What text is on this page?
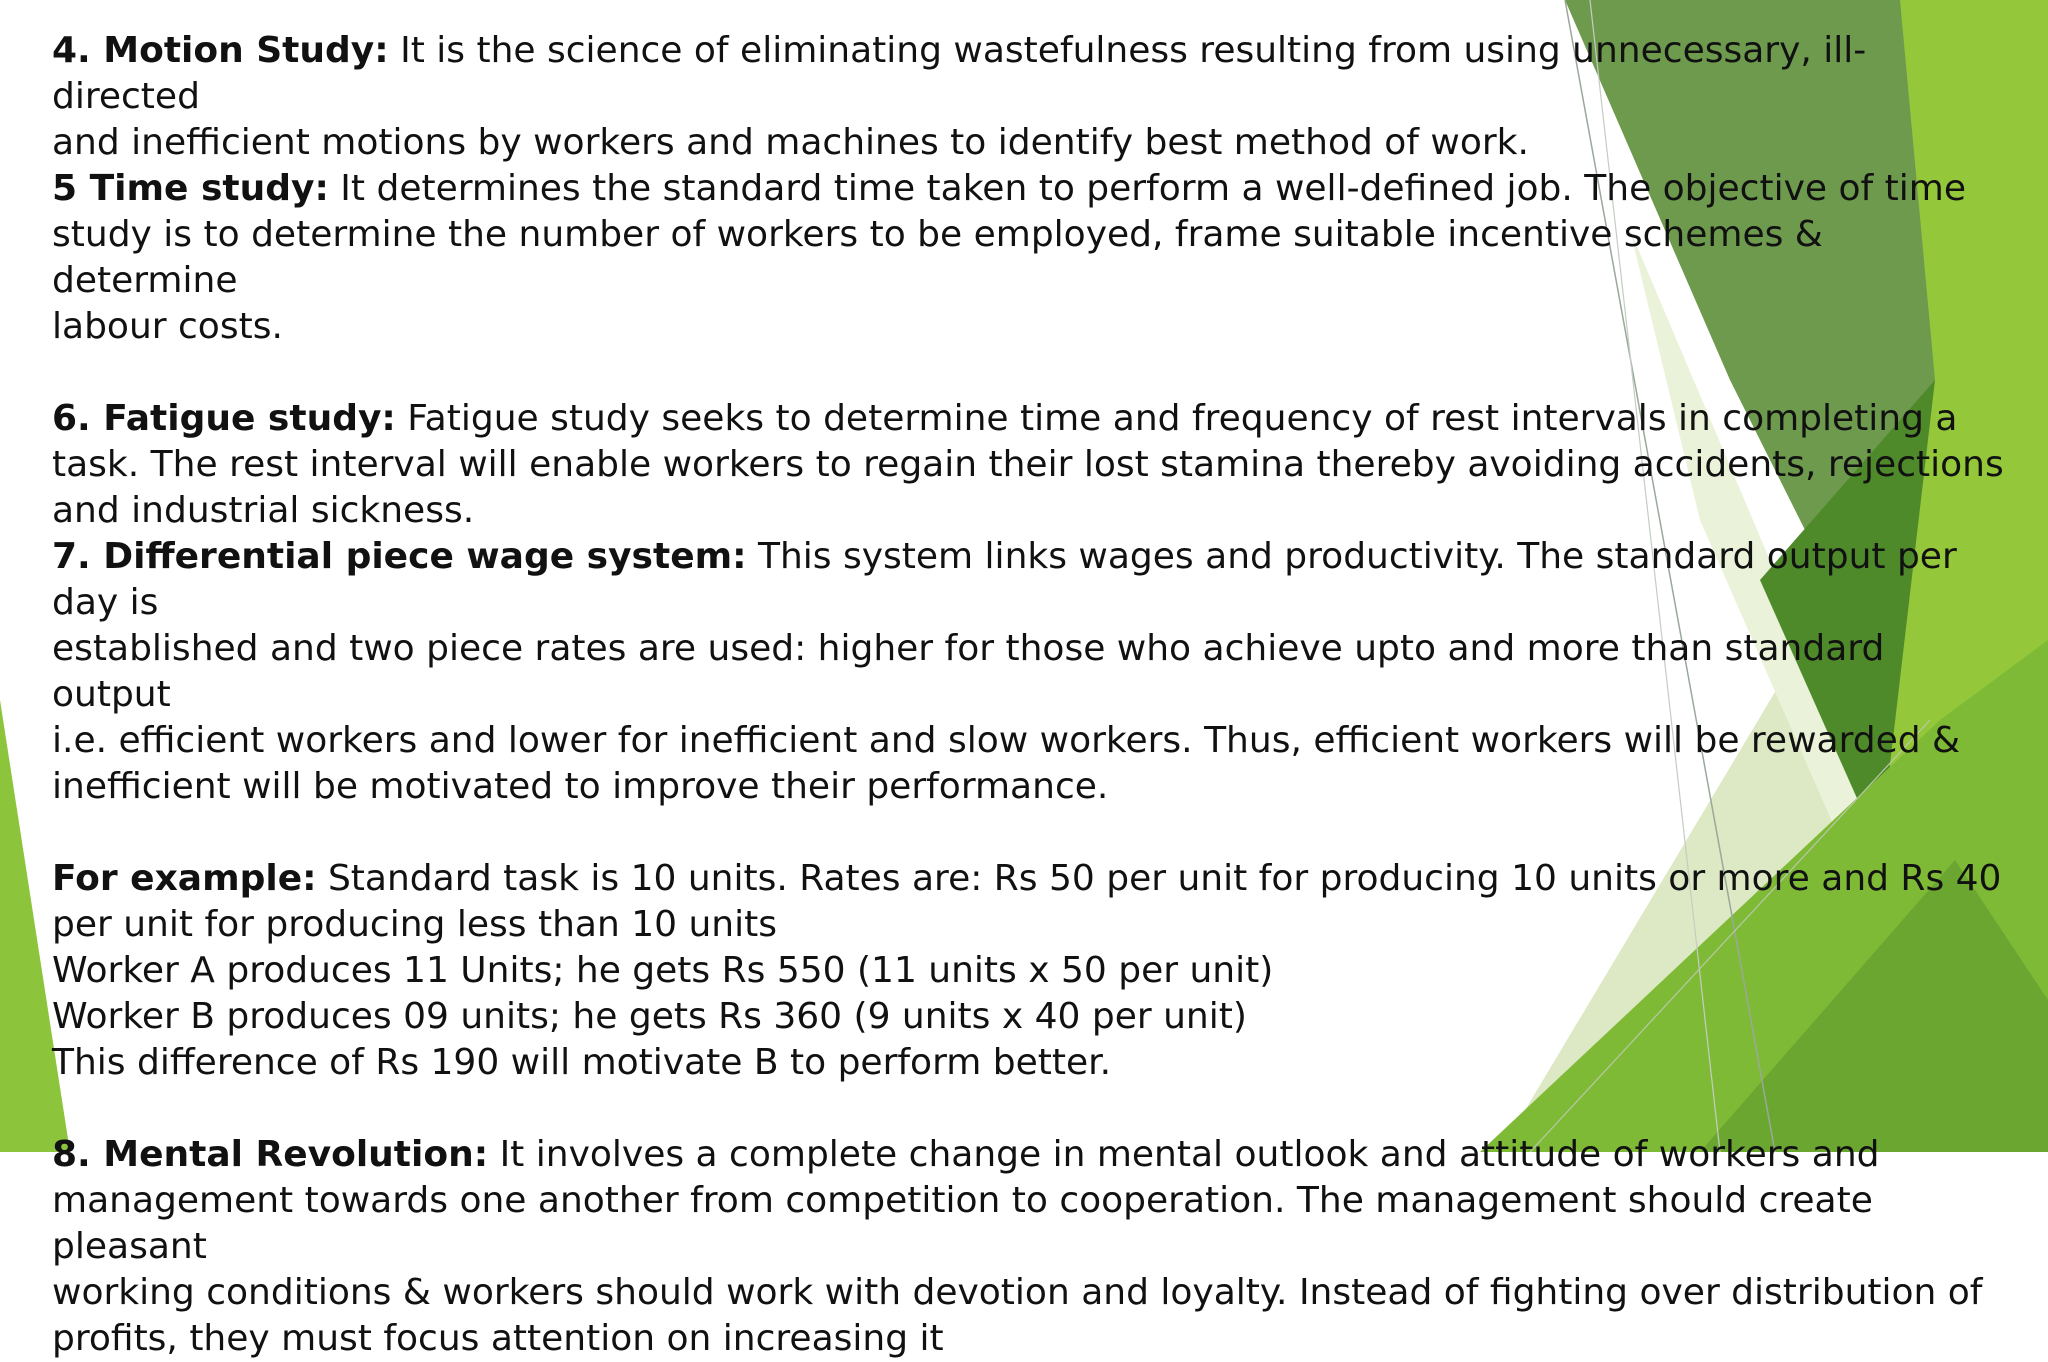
4. Motion Study: It is the science of eliminating wastefulness resulting from using unnecessary, ill-directed
and inefficient motions by workers and machines to identify best method of work.
5 Time study: It determines the standard time taken to perform a well-defined job. The objective of time
study is to determine the number of workers to be employed, frame suitable incentive schemes & determine
labour costs.
6. Fatigue study: Fatigue study seeks to determine time and frequency of rest intervals in completing a
task. The rest interval will enable workers to regain their lost stamina thereby avoiding accidents, rejections
and industrial sickness.
7. Differential piece wage system: This system links wages and productivity. The standard output per day is
established and two piece rates are used: higher for those who achieve upto and more than standard output
i.e. efficient workers and lower for inefficient and slow workers. Thus, efficient workers will be rewarded &
inefficient will be motivated to improve their performance.
For example: Standard task is 10 units. Rates are: Rs 50 per unit for producing 10 units or more and Rs 40
per unit for producing less than 10 units
Worker A produces 11 Units; he gets Rs 550 (11 units x 50 per unit)
Worker B produces 09 units; he gets Rs 360 (9 units x 40 per unit)
This difference of Rs 190 will motivate B to perform better.
8. Mental Revolution: It involves a complete change in mental outlook and attitude of workers and
management towards one another from competition to cooperation. The management should create pleasant
working conditions & workers should work with devotion and loyalty. Instead of fighting over distribution of
profits, they must focus attention on increasing it
